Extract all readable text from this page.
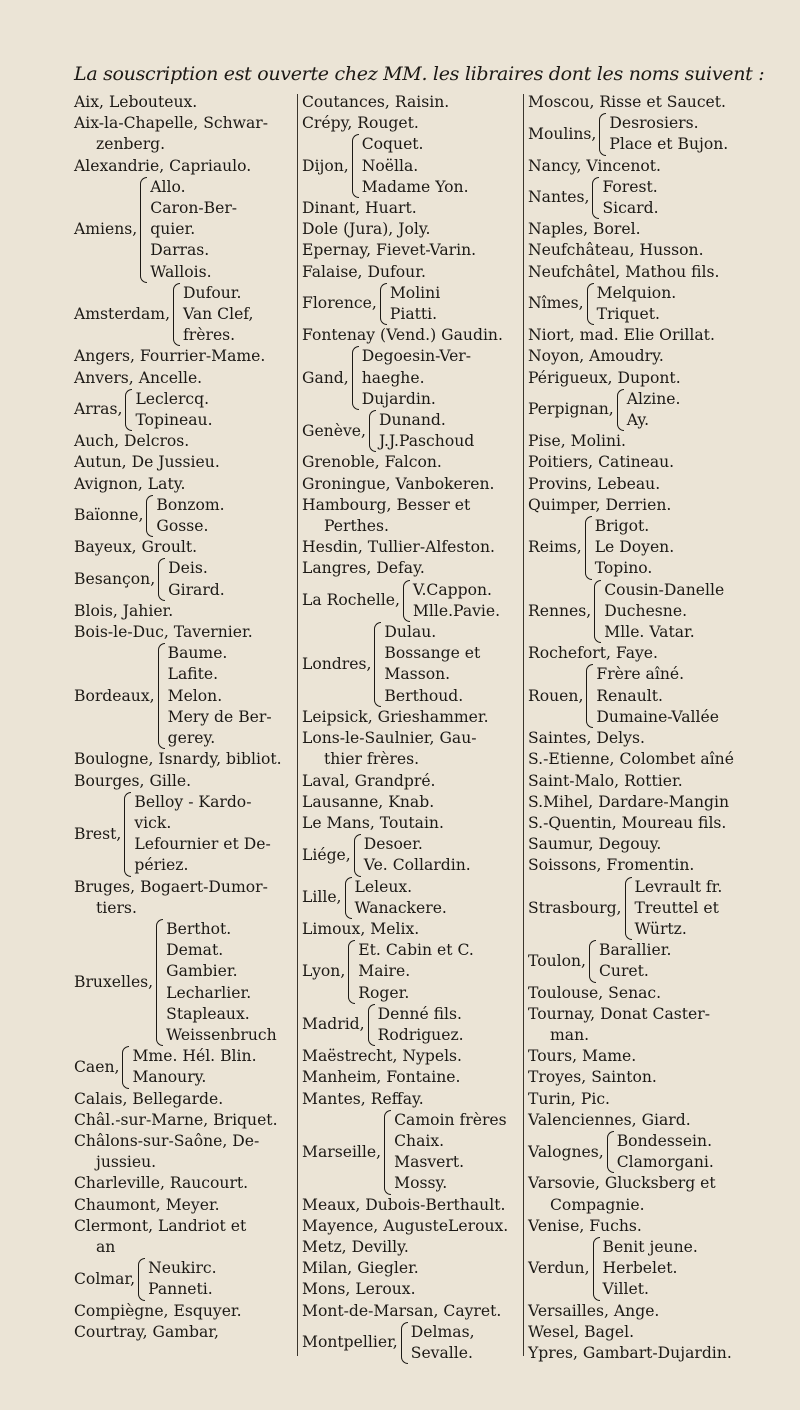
La souscription est ouverte chez MM. les libraires dont les noms suivent :
Aix, Lebouteux.
Aix-la-Chapelle, Schwar-
zenberg.
Alexandrie, Capriaulo.
Amiens,
Allo.
Caron-Ber-
quier.
Darras.
Wallois.
Amsterdam,
Dufour.
Van Clef,
frères.
Angers, Fourrier-Mame.
Anvers, Ancelle.
Arras,
Leclercq.
Topineau.
Auch, Delcros.
Autun, De Jussieu.
Avignon, Laty.
Baïonne,
Bonzom.
Gosse.
Bayeux, Groult.
Besançon,
Deis.
Girard.
Blois, Jahier.
Bois-le-Duc, Tavernier.
Bordeaux,
Baume.
Lafite.
Melon.
Mery de Ber-
gerey.
Boulogne, Isnardy, bibliot.
Bourges, Gille.
Brest,
Belloy - Kardo-
vick.
Lefournier et De-
périez.
Bruges, Bogaert-Dumor-
tiers.
Bruxelles,
Berthot.
Demat.
Gambier.
Lecharlier.
Stapleaux.
Weissenbruch
Caen,
Mme. Hél. Blin.
Manoury.
Calais, Bellegarde.
Châl.-sur-Marne, Briquet.
Châlons-sur-Saône, De-
jussieu.
Charleville, Raucourt.
Chaumont, Meyer.
Clermont, Landriot et
an
Colmar,
Neukirc.
Panneti.
Compiègne, Esquyer.
Courtray, Gambar,
Coutances, Raisin.
Crépy, Rouget.
Dijon,
Coquet.
Noëlla.
Madame Yon.
Dinant, Huart.
Dole (Jura), Joly.
Epernay, Fievet-Varin.
Falaise, Dufour.
Florence,
Molini
Piatti.
Fontenay (Vend.) Gaudin.
Gand,
Degoesin-Ver-
haeghe.
Dujardin.
Genève,
Dunand.
J.J.Paschoud
Grenoble, Falcon.
Groningue, Vanbokeren.
Hambourg, Besser et
Perthes.
Hesdin, Tullier-Alfeston.
Langres, Defay.
La Rochelle,
V.Cappon.
Mlle.Pavie.
Londres,
Dulau.
Bossange et
Masson.
Berthoud.
Leipsick, Grieshammer.
Lons-le-Saulnier, Gau-
thier frères.
Laval, Grandpré.
Lausanne, Knab.
Le Mans, Toutain.
Liége,
Desoer.
Ve. Collardin.
Lille,
Leleux.
Wanackere.
Limoux, Melix.
Lyon,
Et. Cabin et C.
Maire.
Roger.
Madrid,
Denné fils.
Rodriguez.
Maëstrecht, Nypels.
Manheim, Fontaine.
Mantes, Reffay.
Marseille,
Camoin frères
Chaix.
Masvert.
Mossy.
Meaux, Dubois-Berthault.
Mayence, AugusteLeroux.
Metz, Devilly.
Milan, Giegler.
Mons, Leroux.
Mont-de-Marsan, Cayret.
Montpellier,
Delmas,
Sevalle.
Moscou, Risse et Saucet.
Moulins,
Desrosiers.
Place et Bujon.
Nancy, Vincenot.
Nantes,
Forest.
Sicard.
Naples, Borel.
Neufchâteau, Husson.
Neufchâtel, Mathou fils.
Nîmes,
Melquion.
Triquet.
Niort, mad. Elie Orillat.
Noyon, Amoudry.
Périgueux, Dupont.
Perpignan,
Alzine.
Ay.
Pise, Molini.
Poitiers, Catineau.
Provins, Lebeau.
Quimper, Derrien.
Reims,
Brigot.
Le Doyen.
Topino.
Rennes,
Cousin-Danelle
Duchesne.
Mlle. Vatar.
Rochefort, Faye.
Rouen,
Frère aîné.
Renault.
Dumaine-Vallée
Saintes, Delys.
S.-Etienne, Colombet aîné
Saint-Malo, Rottier.
S.Mihel, Dardare-Mangin
S.-Quentin, Moureau fils.
Saumur, Degouy.
Soissons, Fromentin.
Strasbourg,
Levrault fr.
Treuttel et
Würtz.
Toulon,
Barallier.
Curet.
Toulouse, Senac.
Tournay, Donat Caster-
man.
Tours, Mame.
Troyes, Sainton.
Turin, Pic.
Valenciennes, Giard.
Valognes,
Bondessein.
Clamorgani.
Varsovie, Glucksberg et
Compagnie.
Venise, Fuchs.
Verdun,
Benit jeune.
Herbelet.
Villet.
Versailles, Ange.
Wesel, Bagel.
Ypres, Gambart-Dujardin.
